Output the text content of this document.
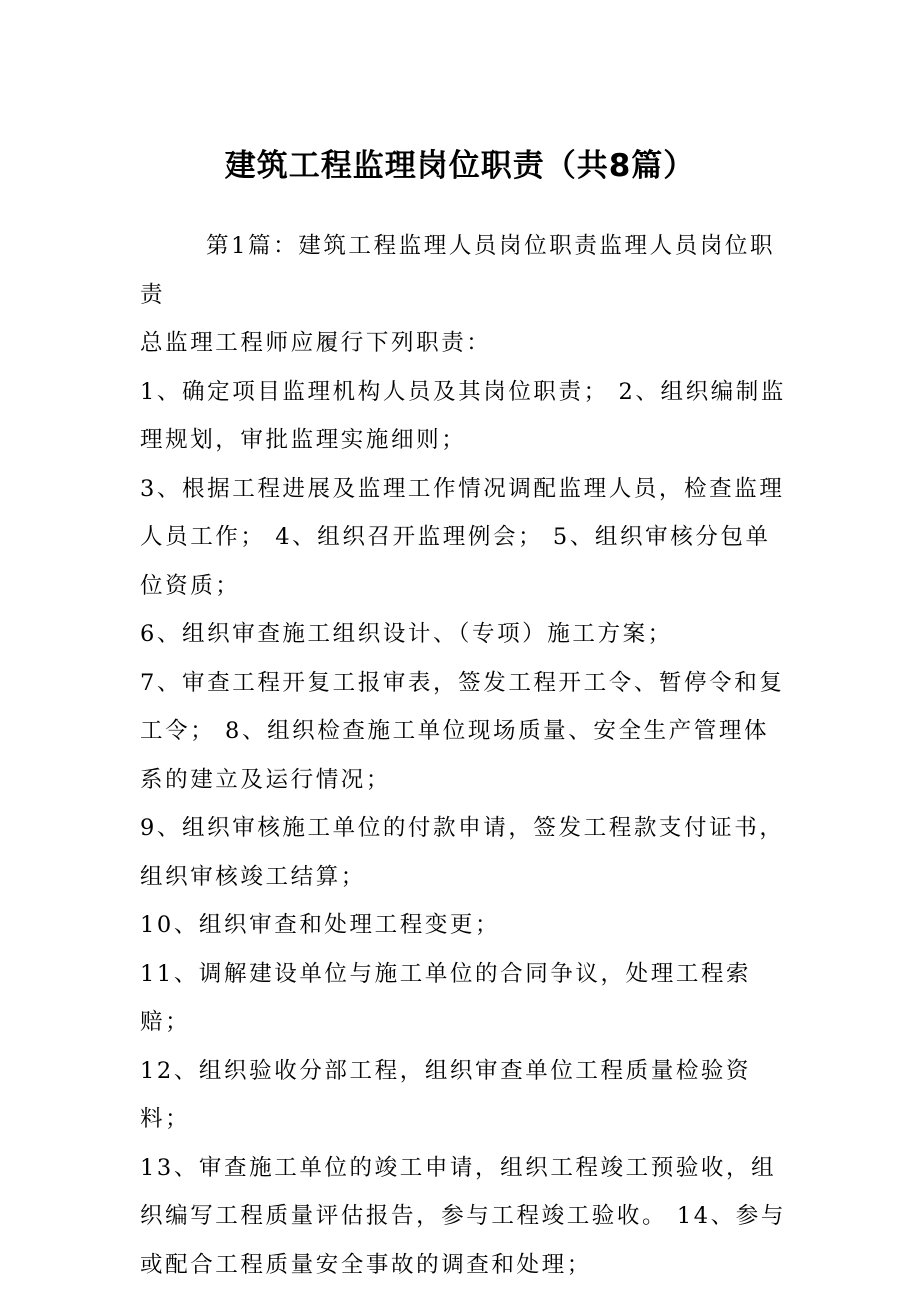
建筑工程监理岗位职责（共8篇）

第1篇：建筑工程监理人员岗位职责监理人员岗位职责

总监理工程师应履行下列职责：

1、确定项目监理机构人员及其岗位职责； 2、组织编制监理规划，审批监理实施细则；

3、根据工程进展及监理工作情况调配监理人员，检查监理人员工作； 4、组织召开监理例会； 5、组织审核分包单位资质；

6、组织审查施工组织设计、（专项）施工方案；

7、审查工程开复工报审表，签发工程开工令、暂停令和复工令； 8、组织检查施工单位现场质量、安全生产管理体系的建立及运行情况；

9、组织审核施工单位的付款申请，签发工程款支付证书，组织审核竣工结算；

10、组织审查和处理工程变更；

11、调解建设单位与施工单位的合同争议，处理工程索赔；

12、组织验收分部工程，组织审查单位工程质量检验资料；

13、审查施工单位的竣工申请，组织工程竣工预验收，组织编写工程质量评估报告，参与工程竣工验收。 14、参与或配合工程质量安全事故的调查和处理；
